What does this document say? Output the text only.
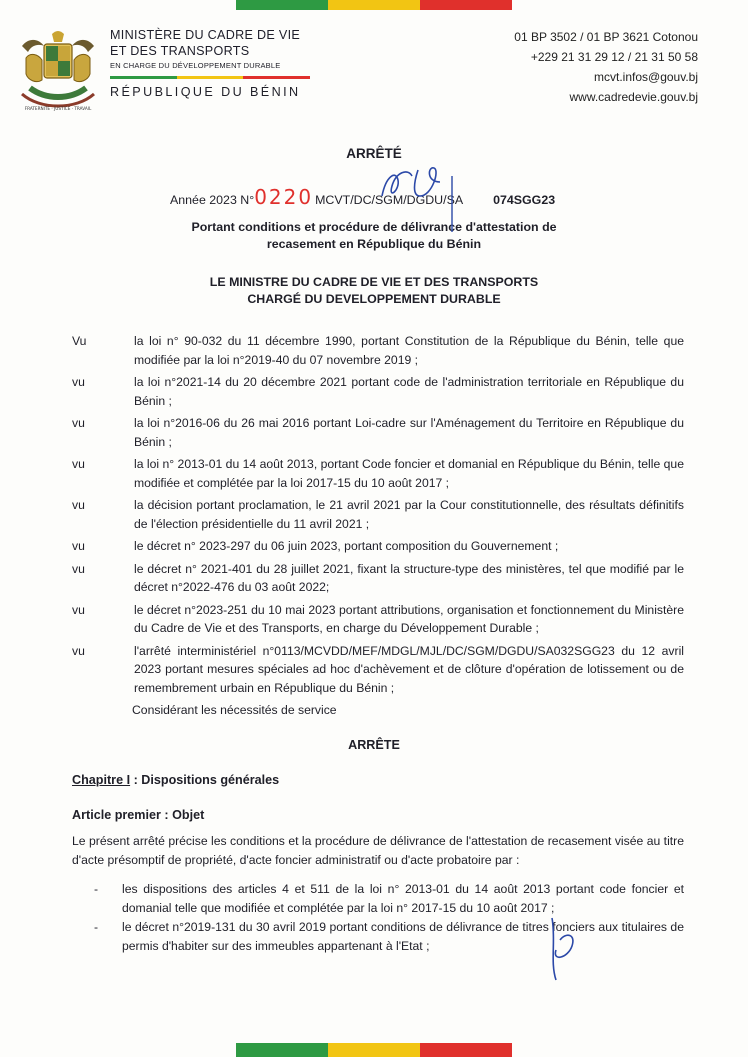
FRATERNITE · JUSTICE · TRAVAIL
MINISTÈRE DU CADRE DE VIE
ET DES TRANSPORTS
EN CHARGE DU DÉVELOPPEMENT DURABLE
RÉPUBLIQUE DU BÉNIN
01 BP 3502 / 01 BP 3621 Cotonou
+229 21 31 29 12 / 21 31 50 58
mcvt.infos@gouv.bj
www.cadredevie.gouv.bj
ARRÊTÉ
Année 2023 N° 0220 MCVT/DC/SGM/DGDU/SA 074SGG23
Portant conditions et procédure de délivrance d'attestation de
recasement en République du Bénin
LE MINISTRE DU CADRE DE VIE ET DES TRANSPORTS
CHARGÉ DU DEVELOPPEMENT DURABLE
Vu	la loi n° 90-032 du 11 décembre 1990, portant Constitution de la République du Bénin, telle que modifiée par la loi n°2019-40 du 07 novembre 2019 ;
vu	la loi n°2021-14 du 20 décembre 2021 portant code de l'administration territoriale en République du Bénin ;
vu	la loi n°2016-06 du 26 mai 2016 portant Loi-cadre sur l'Aménagement du Territoire en République du Bénin ;
vu	la loi n° 2013-01 du 14 août 2013, portant Code foncier et domanial en République du Bénin, telle que modifiée et complétée par la loi 2017-15 du 10 août 2017 ;
vu	la décision portant proclamation, le 21 avril 2021 par la Cour constitutionnelle, des résultats définitifs de l'élection présidentielle du 11 avril 2021 ;
vu	le décret n° 2023-297 du 06 juin 2023, portant composition du Gouvernement ;
vu	le décret n° 2021-401 du 28 juillet 2021, fixant la structure-type des ministères, tel que modifié par le décret n°2022-476 du 03 août 2022;
vu	le décret n°2023-251 du 10 mai 2023 portant attributions, organisation et fonctionnement du Ministère du Cadre de Vie et des Transports, en charge du Développement Durable ;
vu	l'arrêté interministériel n°0113/MCVDD/MEF/MDGL/MJL/DC/SGM/DGDU/SA032SGG23 du 12 avril 2023 portant mesures spéciales ad hoc d'achèvement et de clôture d'opération de lotissement ou de remembrement urbain en République du Bénin ;
Considérant les nécessités de service
ARRÊTE
Chapitre I : Dispositions générales
Article premier : Objet
Le présent arrêté précise les conditions et la procédure de délivrance de l'attestation de recasement visée au titre d'acte présomptif de propriété, d'acte foncier administratif ou d'acte probatoire par :
-	les dispositions des articles 4 et 511 de la loi n° 2013-01 du 14 août 2013 portant code foncier et domanial telle que modifiée et complétée par la loi n° 2017-15 du 10 août 2017 ;
-	le décret n°2019-131 du 30 avril 2019 portant conditions de délivrance de titres fonciers aux titulaires de permis d'habiter sur des immeubles appartenant à l'Etat ;
